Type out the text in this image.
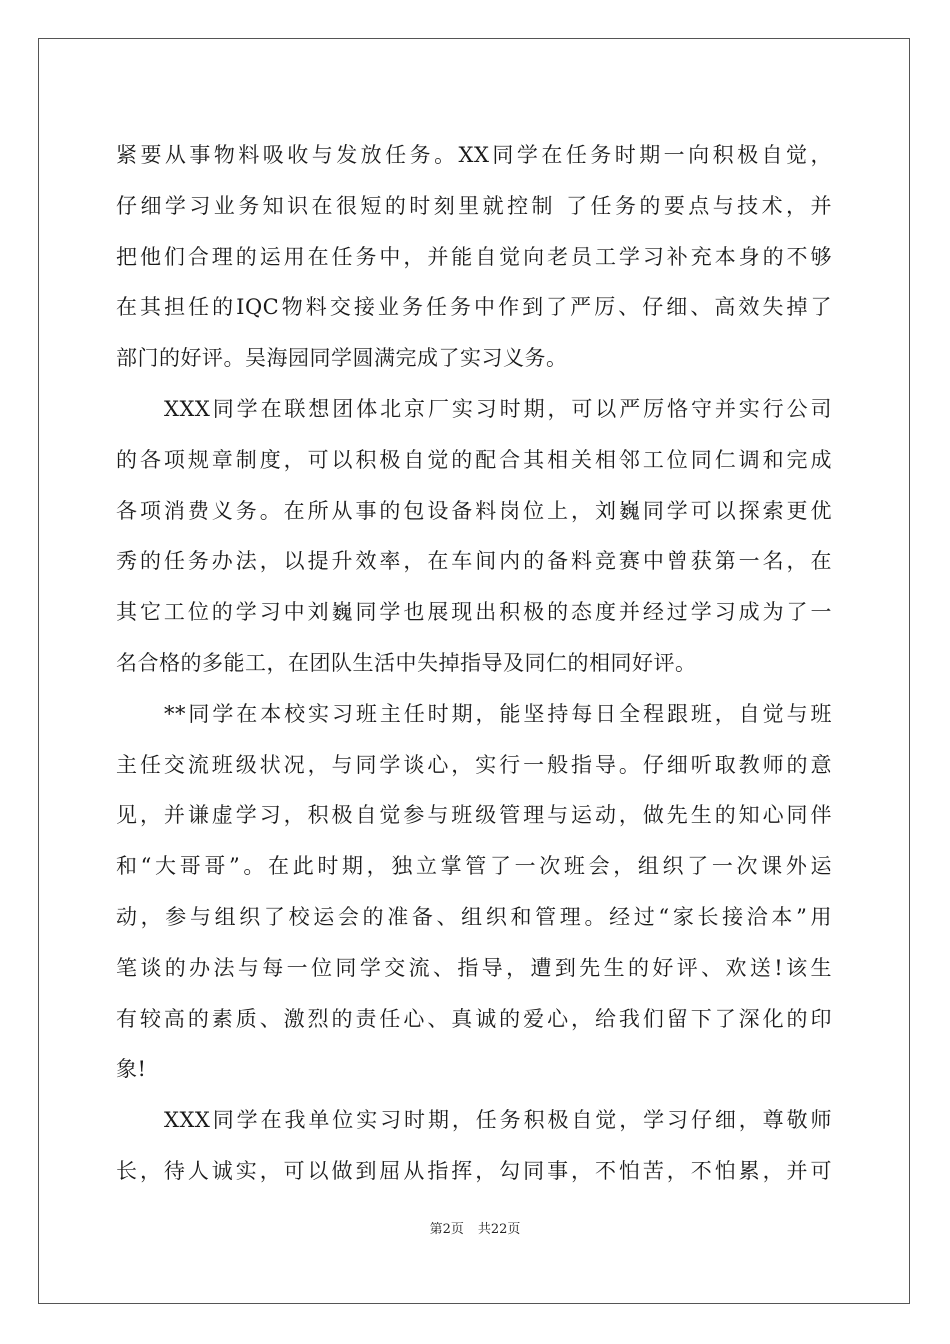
紧要从事物料吸收与发放任务。XX同学在任务时期一向积极自觉，
仔细学习业务知识在很短的时刻里就控制 了任务的要点与技术，并
把他们合理的运用在任务中，并能自觉向老员工学习补充本身的不够
在其担任的IQC物料交接业务任务中作到了严厉、仔细、高效失掉了
部门的好评。吴海园同学圆满完成了实习义务。
XXX同学在联想团体北京厂实习时期，可以严厉恪守并实行公司
的各项规章制度，可以积极自觉的配合其相关相邻工位同仁调和完成
各项消费义务。在所从事的包设备料岗位上，刘巍同学可以探索更优
秀的任务办法，以提升效率，在车间内的备料竞赛中曾获第一名，在
其它工位的学习中刘巍同学也展现出积极的态度并经过学习成为了一
名合格的多能工，在团队生活中失掉指导及同仁的相同好评。
**同学在本校实习班主任时期，能坚持每日全程跟班，自觉与班
主任交流班级状况，与同学谈心，实行一般指导。仔细听取教师的意
见，并谦虚学习，积极自觉参与班级管理与运动，做先生的知心同伴
和“大哥哥”。在此时期，独立掌管了一次班会，组织了一次课外运
动，参与组织了校运会的准备、组织和管理。经过“家长接洽本”用
笔谈的办法与每一位同学交流、指导，遭到先生的好评、欢送!该生
有较高的素质、激烈的责任心、真诚的爱心，给我们留下了深化的印
象!
XXX同学在我单位实习时期，任务积极自觉，学习仔细，尊敬师
长，待人诚实，可以做到屈从指挥，勾同事，不怕苦，不怕累，并可
第2页 共22页
